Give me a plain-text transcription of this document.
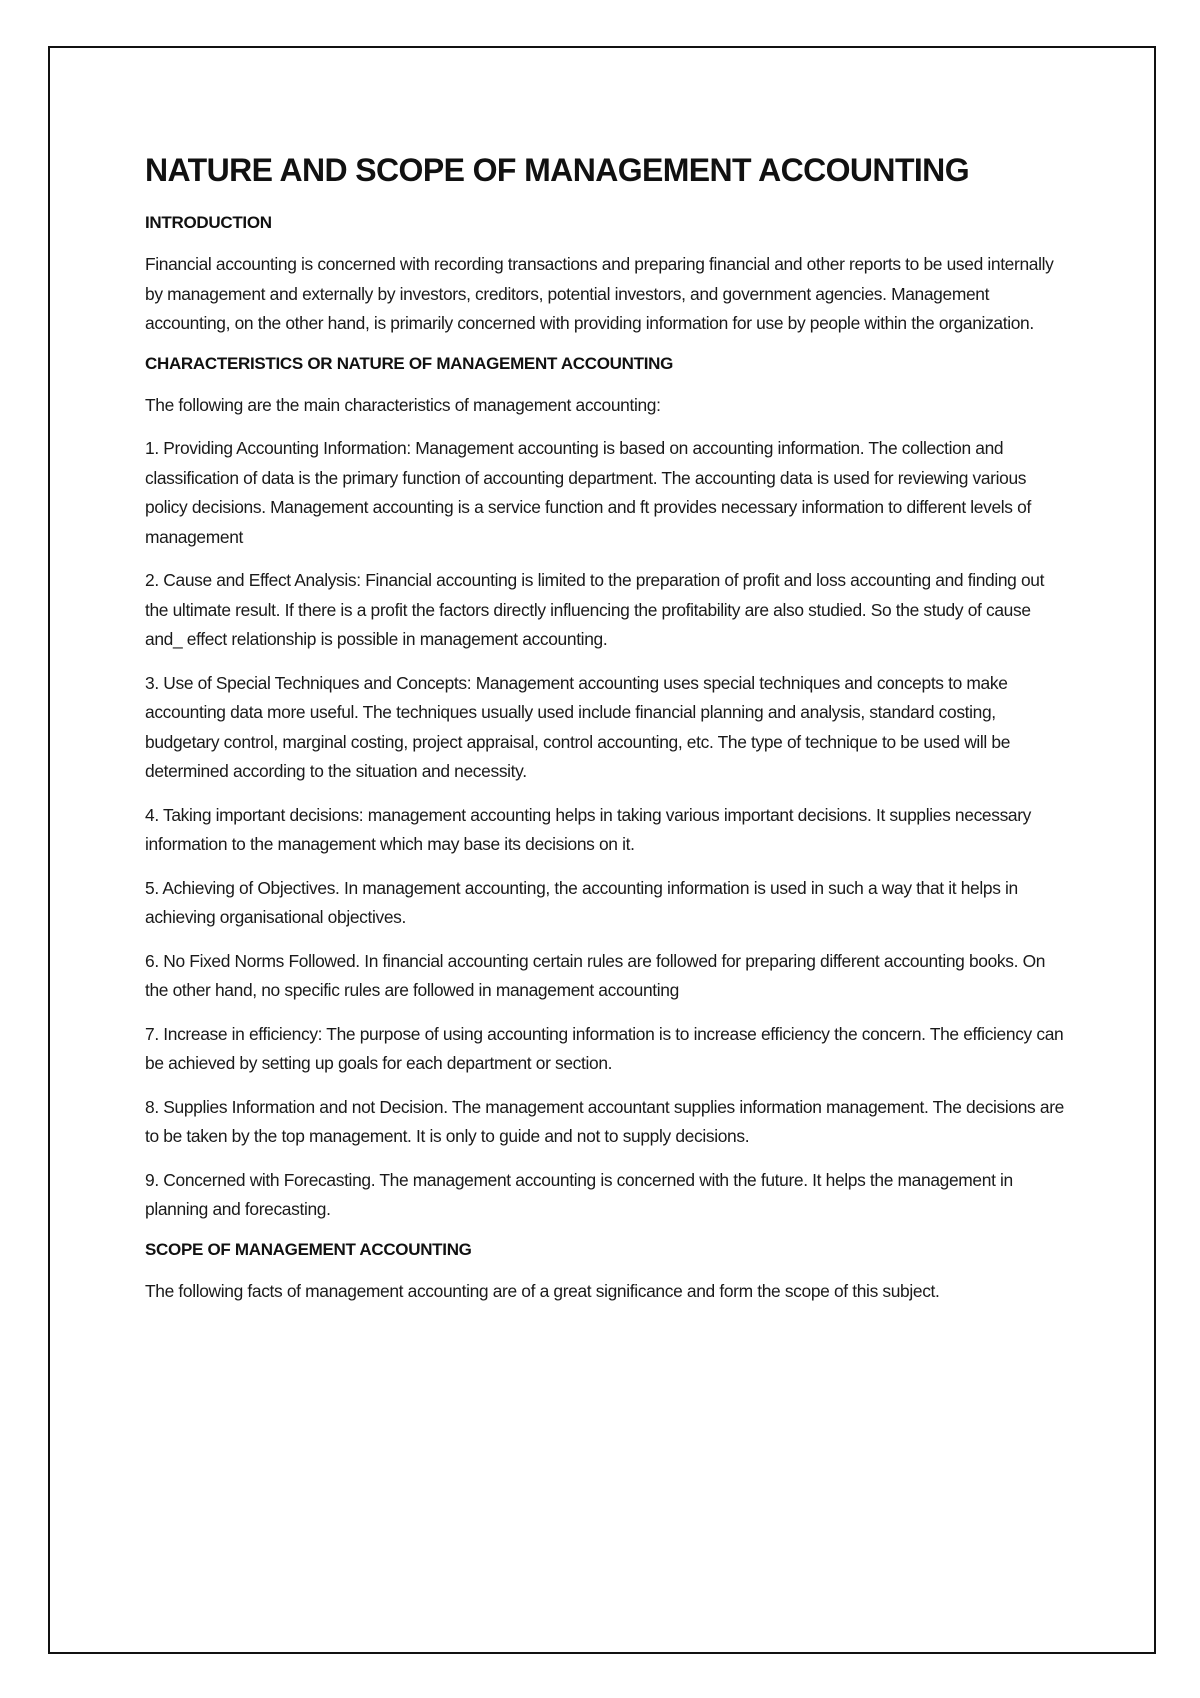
NATURE AND SCOPE OF MANAGEMENT ACCOUNTING
INTRODUCTION

Financial accounting is concerned with recording transactions and preparing financial and other reports to be used internally by management and externally by investors, creditors, potential investors, and government agencies. Management accounting, on the other hand, is primarily concerned with providing information for use by people within the organization.

CHARACTERISTICS OR NATURE OF MANAGEMENT ACCOUNTING

The following are the main characteristics of management accounting:

1. Providing Accounting Information: Management accounting is based on accounting information. The collection and classification of data is the primary function of accounting department. The accounting data is used for reviewing various policy decisions. Management accounting is a service function and ft provides necessary information to different levels of management

2. Cause and Effect Analysis: Financial accounting is limited to the preparation of profit and loss accounting and finding out the ultimate result. If there is a profit the factors directly influencing the profitability are also studied. So the study of cause and_ effect relationship is possible in management accounting.

3. Use of Special Techniques and Concepts: Management accounting uses special techniques and concepts to make accounting data more useful. The techniques usually used include financial planning and analysis, standard costing, budgetary control, marginal costing, project appraisal, control accounting, etc. The type of technique to be used will be determined according to the situation and necessity.

4. Taking important decisions: management accounting helps in taking various important decisions. It supplies necessary information to the management which may base its decisions on it.

5. Achieving of Objectives. In management accounting, the accounting information is used in such a way that it helps in achieving organisational objectives.

6. No Fixed Norms Followed. In financial accounting certain rules are followed for preparing different accounting books. On the other hand, no specific rules are followed in management accounting

7. Increase in efficiency: The purpose of using accounting information is to increase efficiency the concern. The efficiency can be achieved by setting up goals for each department or section.

8. Supplies Information and not Decision. The management accountant supplies information management. The decisions are to be taken by the top management. It is only to guide and not to supply decisions.

9. Concerned with Forecasting. The management accounting is concerned with the future. It helps the management in planning and forecasting.

SCOPE OF MANAGEMENT ACCOUNTING

The following facts of management accounting are of a great significance and form the scope of this subject.
